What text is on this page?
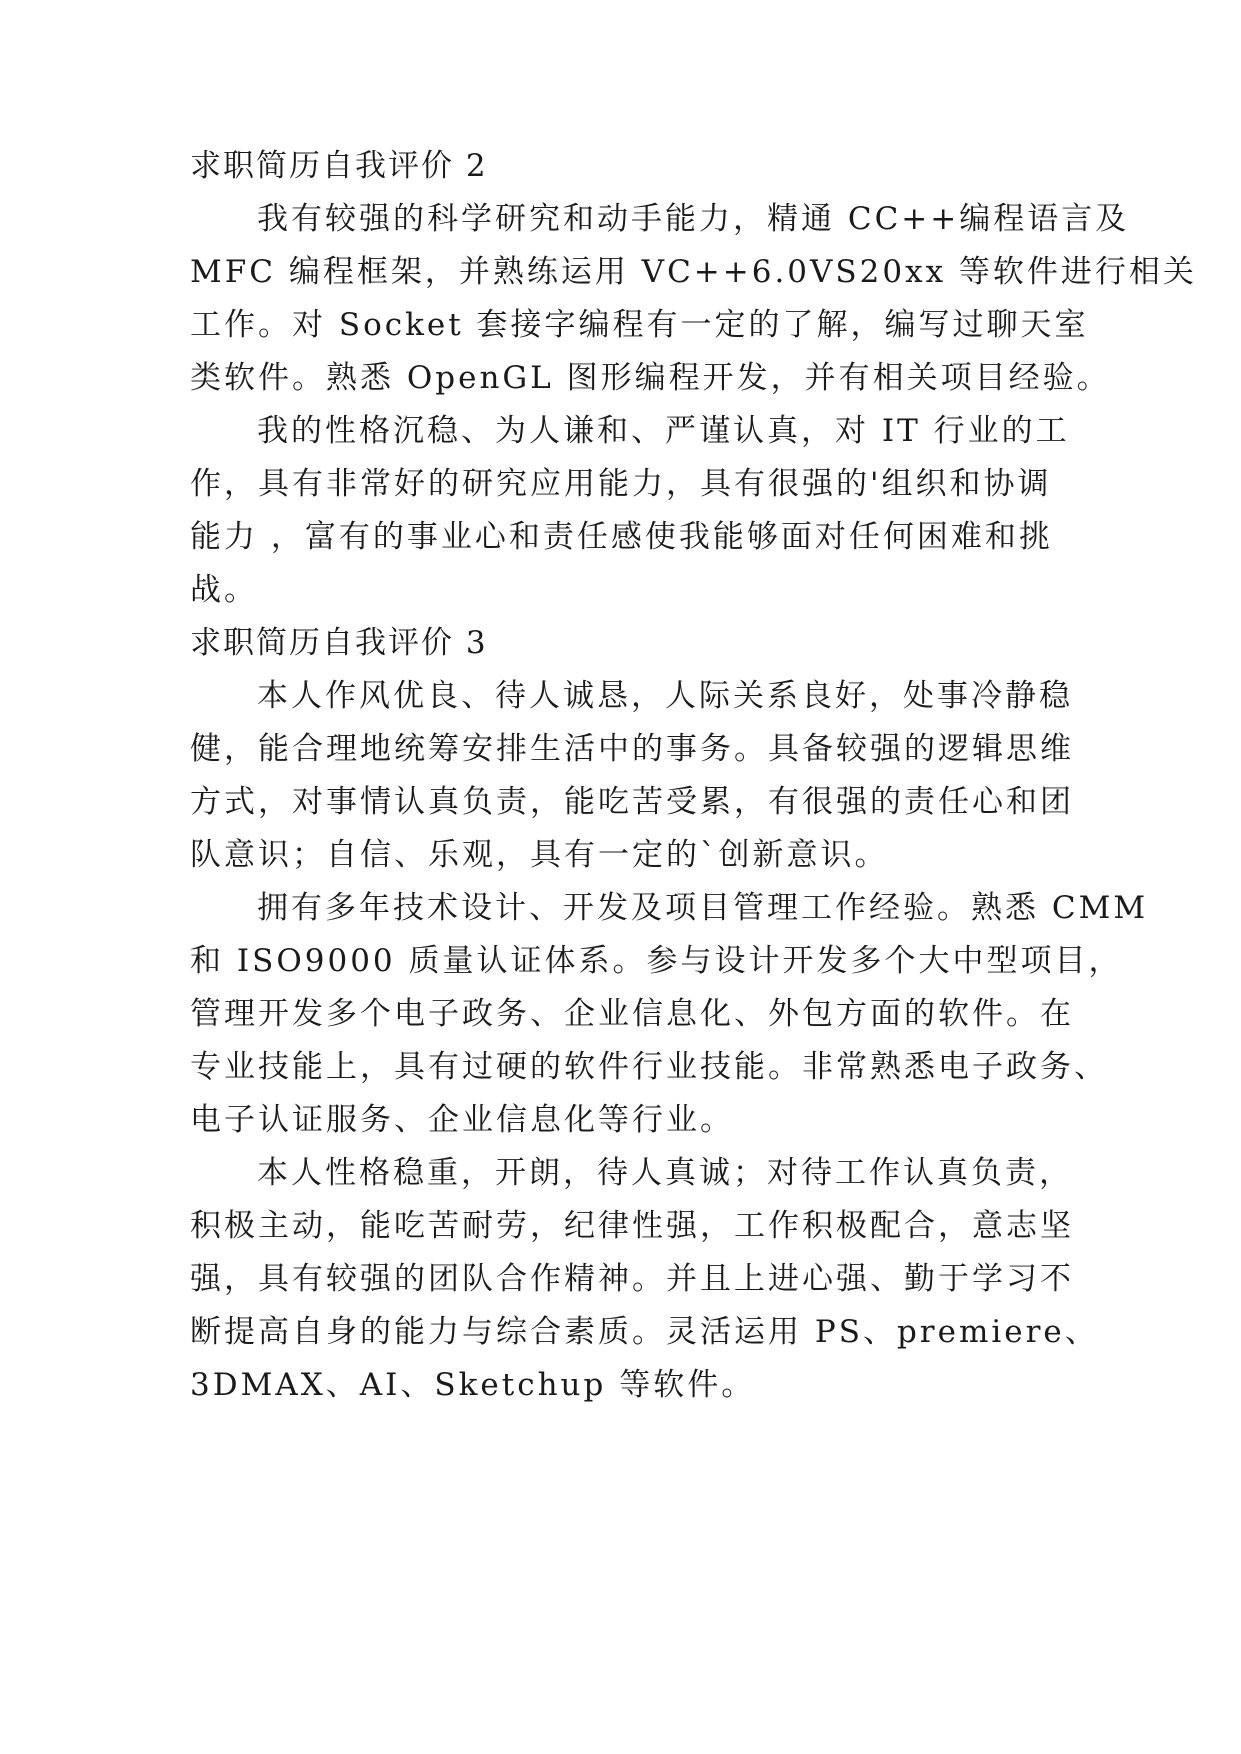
求职简历自我评价 2
我有较强的科学研究和动手能力，精通 CC++编程语言及
MFC 编程框架，并熟练运用 VC++6.0VS20xx 等软件进行相关
工作。对 Socket 套接字编程有一定的了解，编写过聊天室
类软件。熟悉 OpenGL 图形编程开发，并有相关项目经验。
我的性格沉稳、为人谦和、严谨认真，对 IT 行业的工
作，具有非常好的研究应用能力，具有很强的'组织和协调
能力 ，富有的事业心和责任感使我能够面对任何困难和挑
战。
求职简历自我评价 3
本人作风优良、待人诚恳，人际关系良好，处事冷静稳
健，能合理地统筹安排生活中的事务。具备较强的逻辑思维
方式，对事情认真负责，能吃苦受累，有很强的责任心和团
队意识；自信、乐观，具有一定的`创新意识。
拥有多年技术设计、开发及项目管理工作经验。熟悉 CMM
和 ISO9000 质量认证体系。参与设计开发多个大中型项目，
管理开发多个电子政务、企业信息化、外包方面的软件。在
专业技能上，具有过硬的软件行业技能。非常熟悉电子政务、
电子认证服务、企业信息化等行业。
本人性格稳重，开朗，待人真诚；对待工作认真负责，
积极主动，能吃苦耐劳，纪律性强，工作积极配合，意志坚
强，具有较强的团队合作精神。并且上进心强、勤于学习不
断提高自身的能力与综合素质。灵活运用 PS、premiere、
3DMAX、AI、Sketchup 等软件。
